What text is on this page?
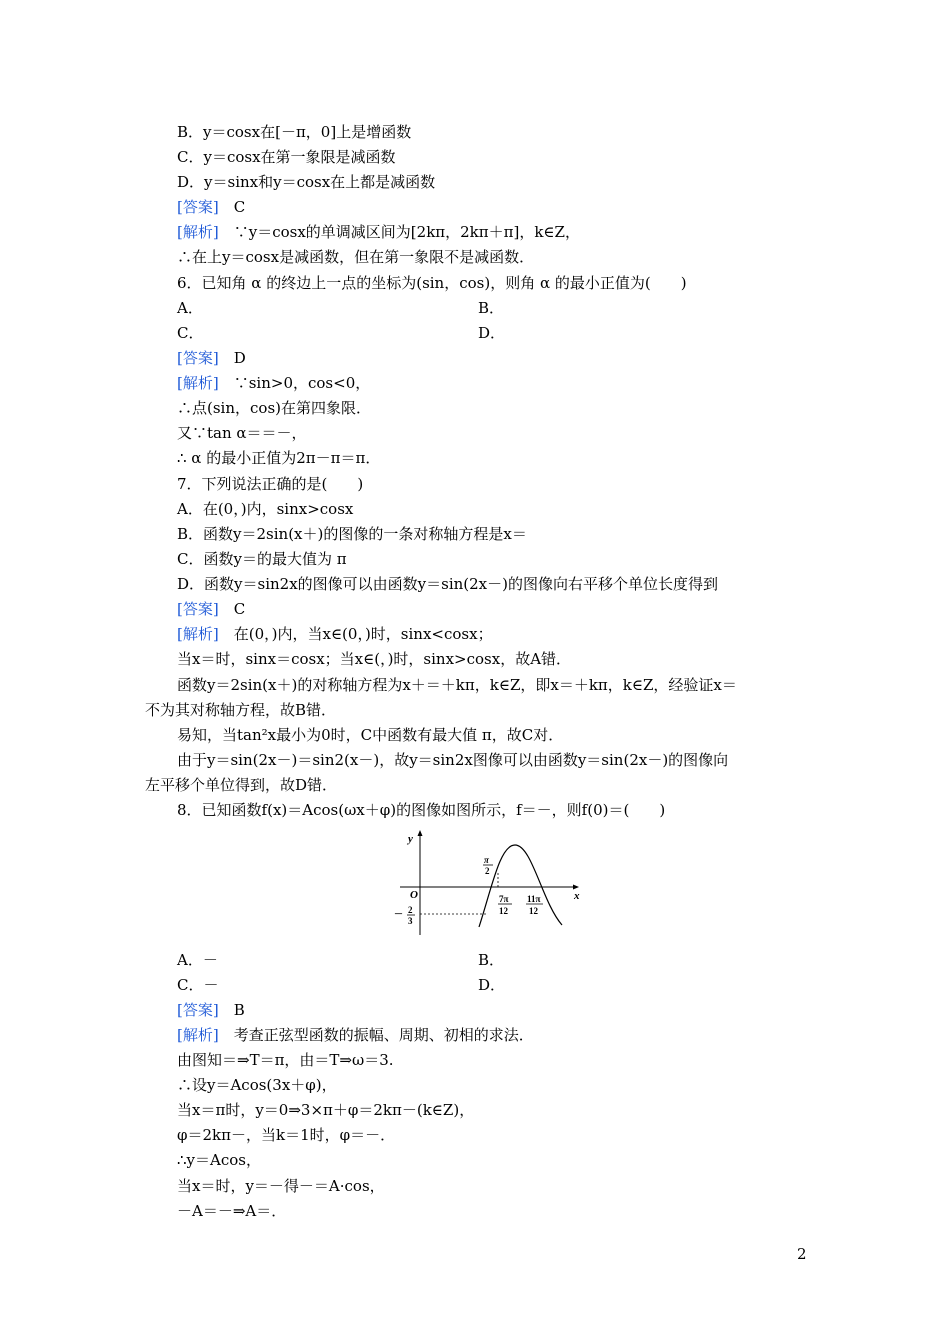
B．y＝cosx在[－π，0]上是增函数
C．y＝cosx在第一象限是减函数
D．y＝sinx和y＝cosx在上都是减函数
[答案]　 C
[解析]　 ∵y＝cosx的单调减区间为[2kπ，2kπ＋π]，k∈Z，
∴在上y＝cosx是减函数，但在第一象限不是减函数．
6．已知角 α 的终边上一点的坐标为(sin，cos)，则角 α 的最小正值为(　　)
A．	B．
C．	D．
[答案]　 D
[解析]　 ∵sin>0，cos<0，
∴点(sin，cos)在第四象限．
又∵tan α＝＝－，
∴ α 的最小正值为2π－π＝π．
7．下列说法正确的是(　　)
A．在(0，)内，sinx>cosx
B．函数y＝2sin(x＋)的图像的一条对称轴方程是x＝
C．函数y＝的最大值为 π
D．函数y＝sin2x的图像可以由函数y＝sin(2x－)的图像向右平移个单位长度得到
[答案]　 C
[解析]　 在(0，)内，当x∈(0，)时，sinx<cosx；
当x＝时，sinx＝cosx；当x∈(，)时，sinx>cosx，故A错．
函数y＝2sin(x＋)的对称轴方程为x＋＝＋kπ，k∈Z，即x＝＋kπ，k∈Z，经验证x＝
不为其对称轴方程，故B错．
易知，当tan²x最小为0时，C中函数有最大值 π，故C对．
由于y＝sin(2x－)＝sin2(x－)，故y＝sin2x图像可以由函数y＝sin(2x－)的图像向
左平移个单位得到，故D错．
8．已知函数f(x)＝Acos(ωx＋φ)的图像如图所示，f＝－，则f(0)＝(　　)
y
x
O
π
2
7π
12
11π
12
－ 2
3
A．－	B．
C．－	D．
[答案]　 B
[解析]　 考查正弦型函数的振幅、周期、初相的求法．
由图知＝⇒T＝π，由＝T⇒ω＝3.
∴设y＝Acos(3x＋φ)，
当x＝π时，y＝0⇒3×π＋φ＝2kπ－(k∈Z)，
φ＝2kπ－，当k＝1时，φ＝－．
∴y＝Acos，
当x＝时，y＝－得－＝A·cos，
－A＝－⇒A＝．
2
